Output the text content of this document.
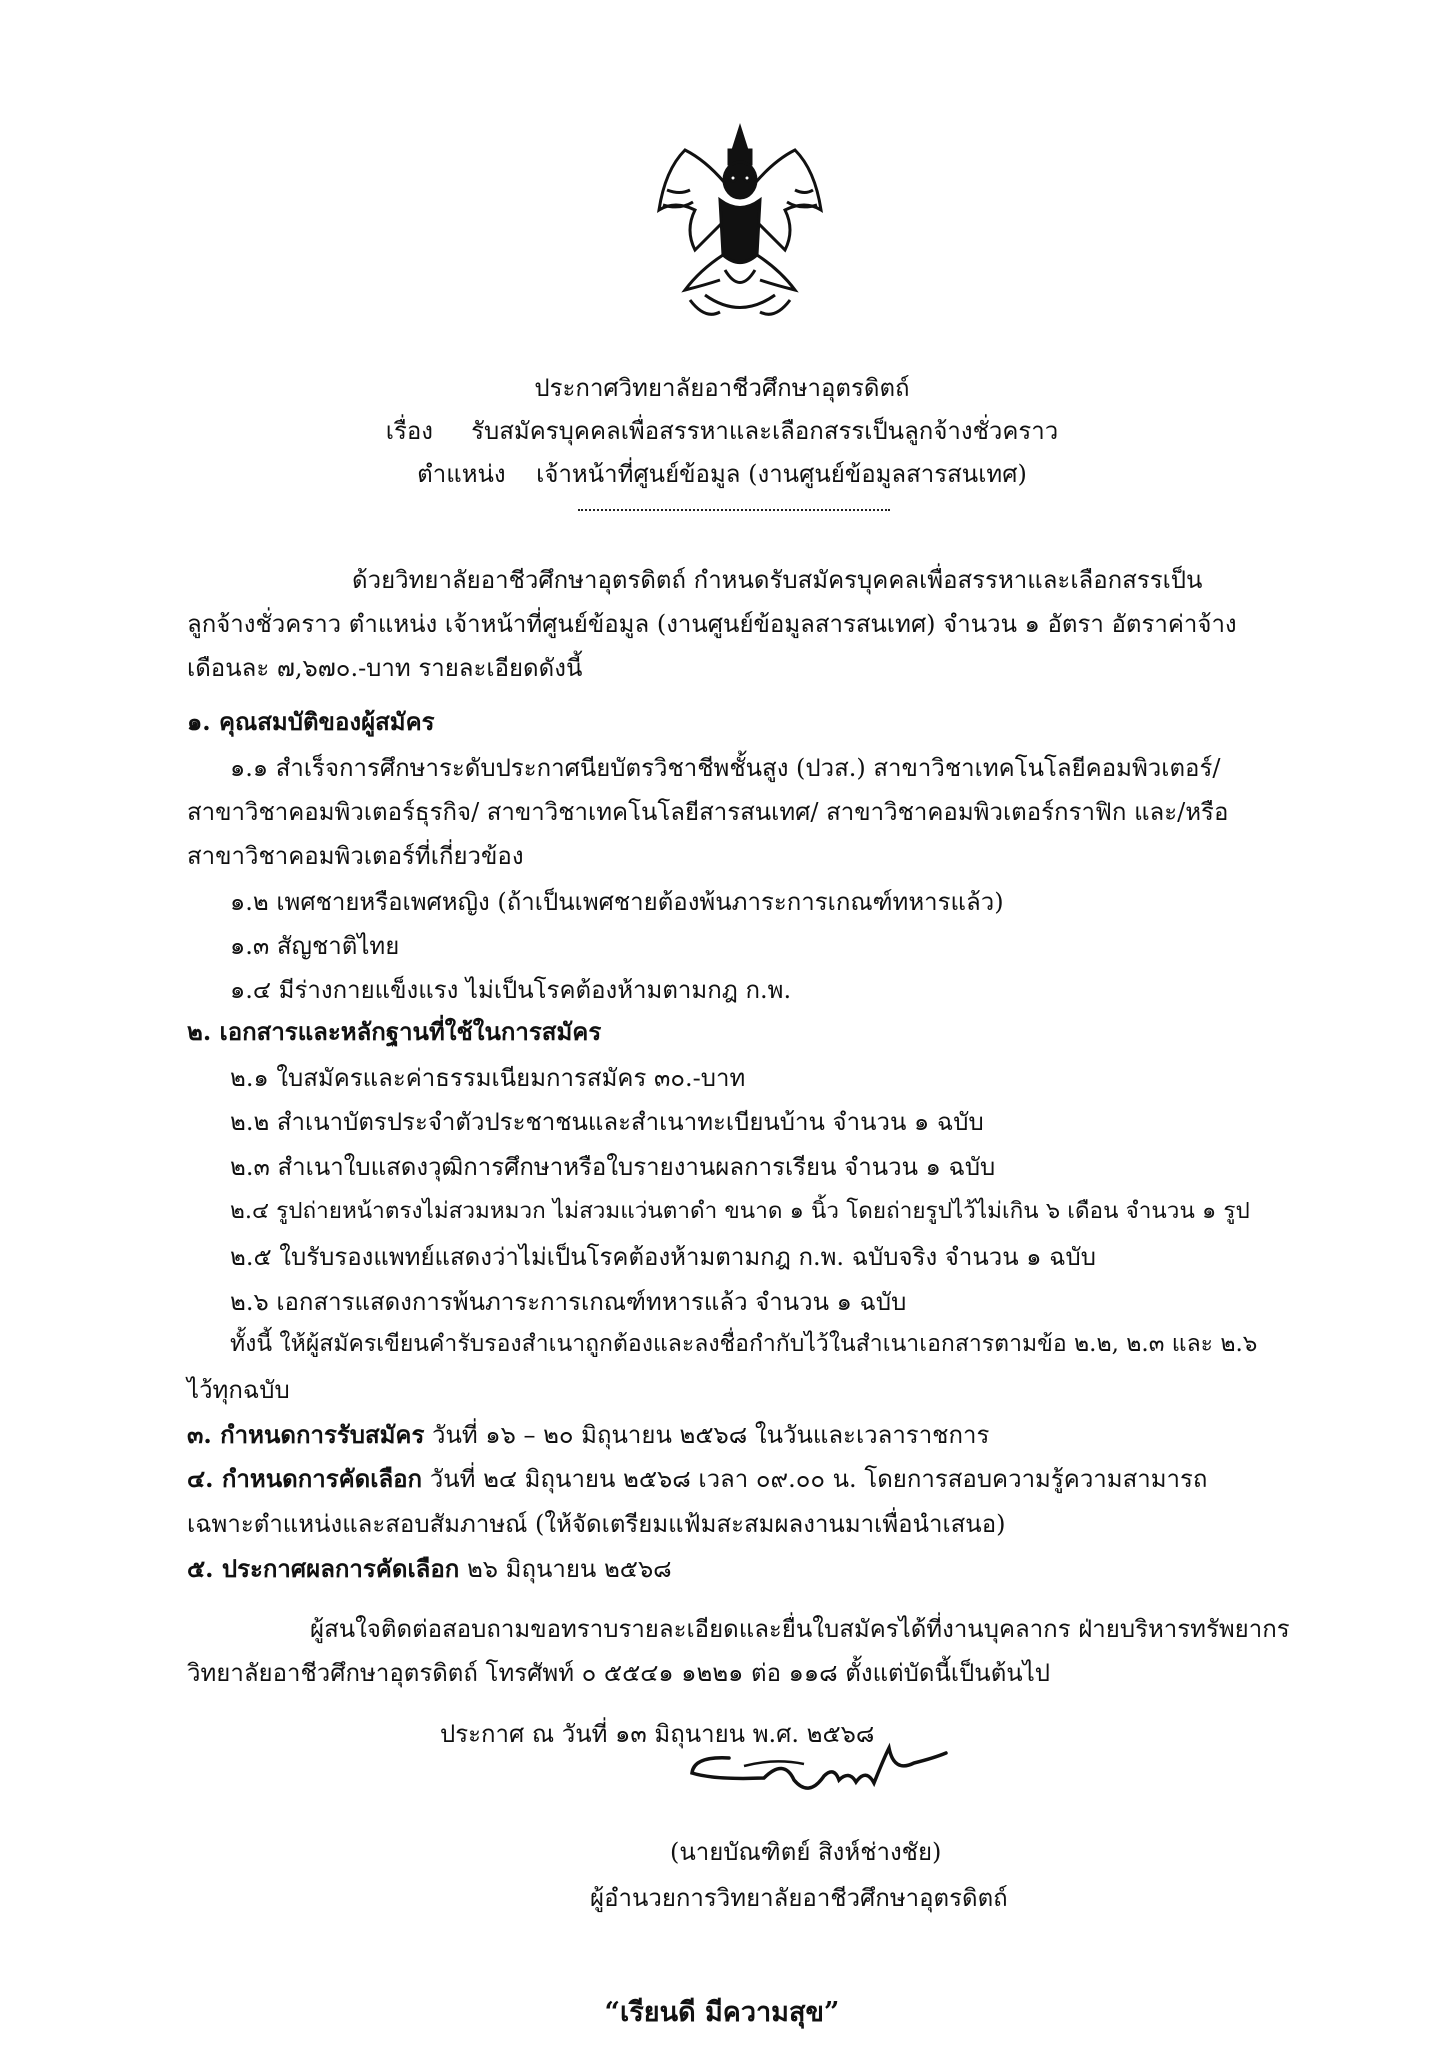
ประกาศวิทยาลัยอาชีวศึกษาอุตรดิตถ์
เรื่อง รับสมัครบุคคลเพื่อสรรหาและเลือกสรรเป็นลูกจ้างชั่วคราว
ตำแหน่ง เจ้าหน้าที่ศูนย์ข้อมูล (งานศูนย์ข้อมูลสารสนเทศ)
ด้วยวิทยาลัยอาชีวศึกษาอุตรดิตถ์ กำหนดรับสมัครบุคคลเพื่อสรรหาและเลือกสรรเป็น
ลูกจ้างชั่วคราว ตำแหน่ง เจ้าหน้าที่ศูนย์ข้อมูล (งานศูนย์ข้อมูลสารสนเทศ) จำนวน ๑ อัตรา อัตราค่าจ้าง
เดือนละ ๗,๖๗๐.-บาท รายละเอียดดังนี้
๑. คุณสมบัติของผู้สมัคร
๑.๑ สำเร็จการศึกษาระดับประกาศนียบัตรวิชาชีพชั้นสูง (ปวส.) สาขาวิชาเทคโนโลยีคอมพิวเตอร์/
สาขาวิชาคอมพิวเตอร์ธุรกิจ/ สาขาวิชาเทคโนโลยีสารสนเทศ/ สาขาวิชาคอมพิวเตอร์กราฟิก และ/หรือ
สาขาวิชาคอมพิวเตอร์ที่เกี่ยวข้อง
๑.๒ เพศชายหรือเพศหญิง (ถ้าเป็นเพศชายต้องพ้นภาระการเกณฑ์ทหารแล้ว)
๑.๓ สัญชาติไทย
๑.๔ มีร่างกายแข็งแรง ไม่เป็นโรคต้องห้ามตามกฎ ก.พ.
๒. เอกสารและหลักฐานที่ใช้ในการสมัคร
๒.๑ ใบสมัครและค่าธรรมเนียมการสมัคร ๓๐.-บาท
๒.๒ สำเนาบัตรประจำตัวประชาชนและสำเนาทะเบียนบ้าน จำนวน ๑ ฉบับ
๒.๓ สำเนาใบแสดงวุฒิการศึกษาหรือใบรายงานผลการเรียน จำนวน ๑ ฉบับ
๒.๔ รูปถ่ายหน้าตรงไม่สวมหมวก ไม่สวมแว่นตาดำ ขนาด ๑ นิ้ว โดยถ่ายรูปไว้ไม่เกิน ๖ เดือน จำนวน ๑ รูป
๒.๕ ใบรับรองแพทย์แสดงว่าไม่เป็นโรคต้องห้ามตามกฎ ก.พ. ฉบับจริง จำนวน ๑ ฉบับ
๒.๖ เอกสารแสดงการพ้นภาระการเกณฑ์ทหารแล้ว จำนวน ๑ ฉบับ
ทั้งนี้ ให้ผู้สมัครเขียนคำรับรองสำเนาถูกต้องและลงชื่อกำกับไว้ในสำเนาเอกสารตามข้อ ๒.๒, ๒.๓ และ ๒.๖
ไว้ทุกฉบับ
๓. กำหนดการรับสมัคร วันที่ ๑๖ – ๒๐ มิถุนายน ๒๕๖๘ ในวันและเวลาราชการ
๔. กำหนดการคัดเลือก วันที่ ๒๔ มิถุนายน ๒๕๖๘ เวลา ๐๙.๐๐ น. โดยการสอบความรู้ความสามารถ
เฉพาะตำแหน่งและสอบสัมภาษณ์ (ให้จัดเตรียมแฟ้มสะสมผลงานมาเพื่อนำเสนอ)
๕. ประกาศผลการคัดเลือก ๒๖ มิถุนายน ๒๕๖๘
ผู้สนใจติดต่อสอบถามขอทราบรายละเอียดและยื่นใบสมัครได้ที่งานบุคลากร ฝ่ายบริหารทรัพยากร
วิทยาลัยอาชีวศึกษาอุตรดิตถ์ โทรศัพท์ ๐ ๕๕๔๑ ๑๒๒๑ ต่อ ๑๑๘ ตั้งแต่บัดนี้เป็นต้นไป
ประกาศ ณ วันที่ ๑๓ มิถุนายน พ.ศ. ๒๕๖๘
(นายบัณฑิตย์ สิงห์ช่างชัย)
ผู้อำนวยการวิทยาลัยอาชีวศึกษาอุตรดิตถ์
“เรียนดี มีความสุข”
